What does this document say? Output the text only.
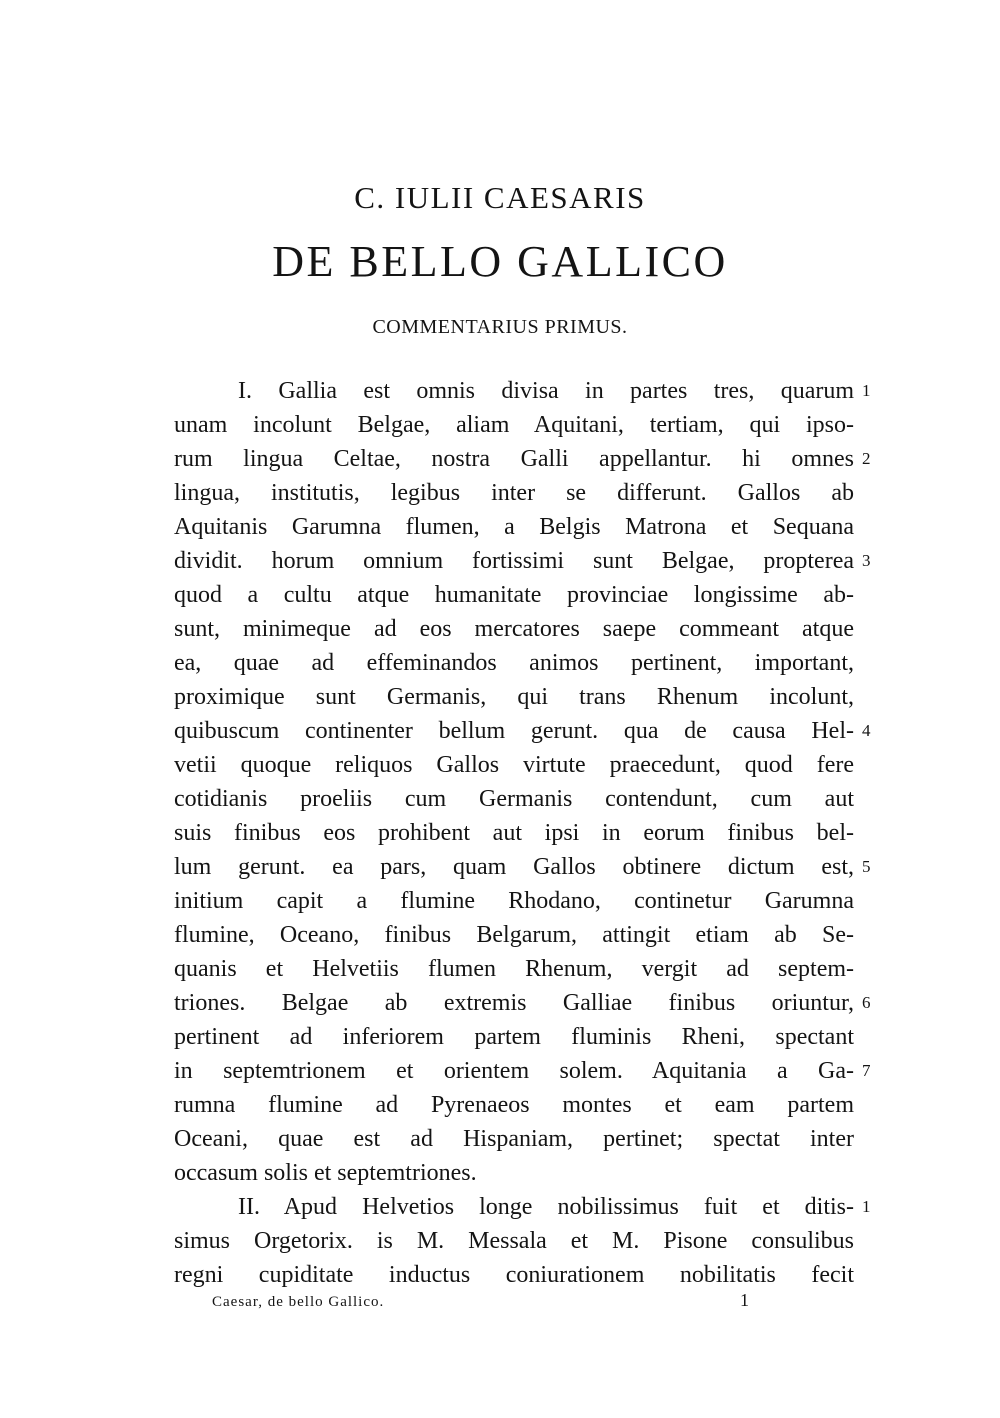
C. IULII CAESARIS
DE BELLO GALLICO
COMMENTARIUS PRIMUS.
I. Gallia est omnis divisa in partes tres, quarum
unam incolunt Belgae, aliam Aquitani, tertiam, qui ipso-
rum lingua Celtae, nostra Galli appellantur. hi omnes
lingua, institutis, legibus inter se differunt. Gallos ab
Aquitanis Garumna flumen, a Belgis Matrona et Sequana
dividit. horum omnium fortissimi sunt Belgae, propterea
quod a cultu atque humanitate provinciae longissime ab-
sunt, minimeque ad eos mercatores saepe commeant atque
ea, quae ad effeminandos animos pertinent, important,
proximique sunt Germanis, qui trans Rhenum incolunt,
quibuscum continenter bellum gerunt. qua de causa Hel-
vetii quoque reliquos Gallos virtute praecedunt, quod fere
cotidianis proeliis cum Germanis contendunt, cum aut
suis finibus eos prohibent aut ipsi in eorum finibus bel-
lum gerunt. ea pars, quam Gallos obtinere dictum est,
initium capit a flumine Rhodano, continetur Garumna
flumine, Oceano, finibus Belgarum, attingit etiam ab Se-
quanis et Helvetiis flumen Rhenum, vergit ad septem-
triones. Belgae ab extremis Galliae finibus oriuntur,
pertinent ad inferiorem partem fluminis Rheni, spectant
in septemtrionem et orientem solem. Aquitania a Ga-
rumna flumine ad Pyrenaeos montes et eam partem
Oceani, quae est ad Hispaniam, pertinet; spectat inter
occasum solis et septemtriones.
II. Apud Helvetios longe nobilissimus fuit et ditis-
simus Orgetorix. is M. Messala et M. Pisone consulibus
regni cupiditate inductus coniurationem nobilitatis fecit
1
2
3
4
5
6
7
1
Caesar, de bello Gallico.	1
